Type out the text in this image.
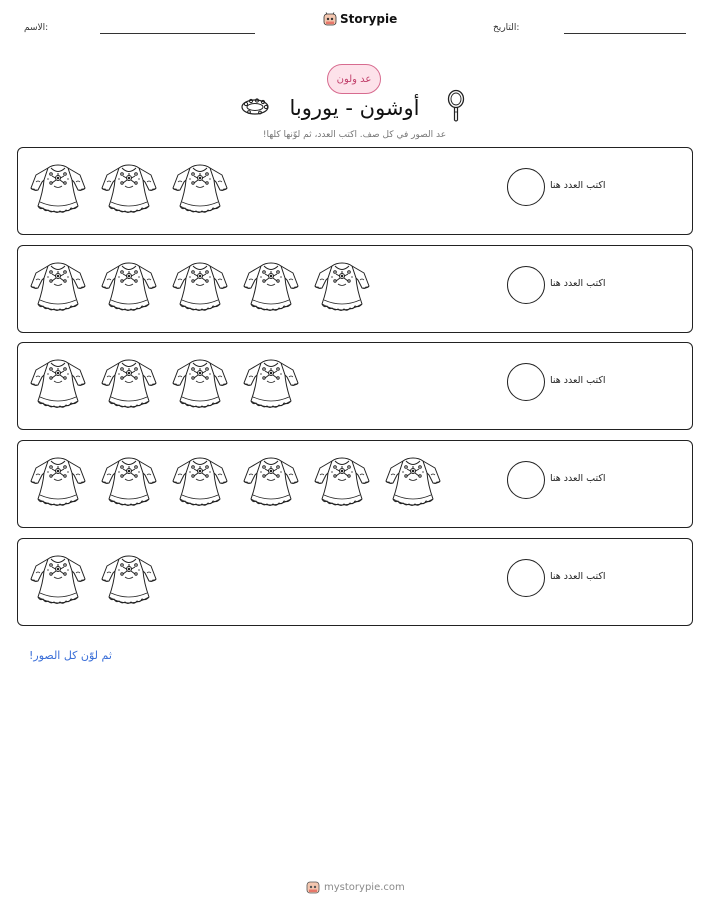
الاسم:
Storypie
التاريخ:
عد ولون
أوشون - يوروبا
عد الصور في كل صف. اكتب العدد، ثم لوّنها كلها!
اكتب العدد هنا
اكتب العدد هنا
اكتب العدد هنا
اكتب العدد هنا
اكتب العدد هنا
ثم لوّن كل الصور!
mystorypie.com
